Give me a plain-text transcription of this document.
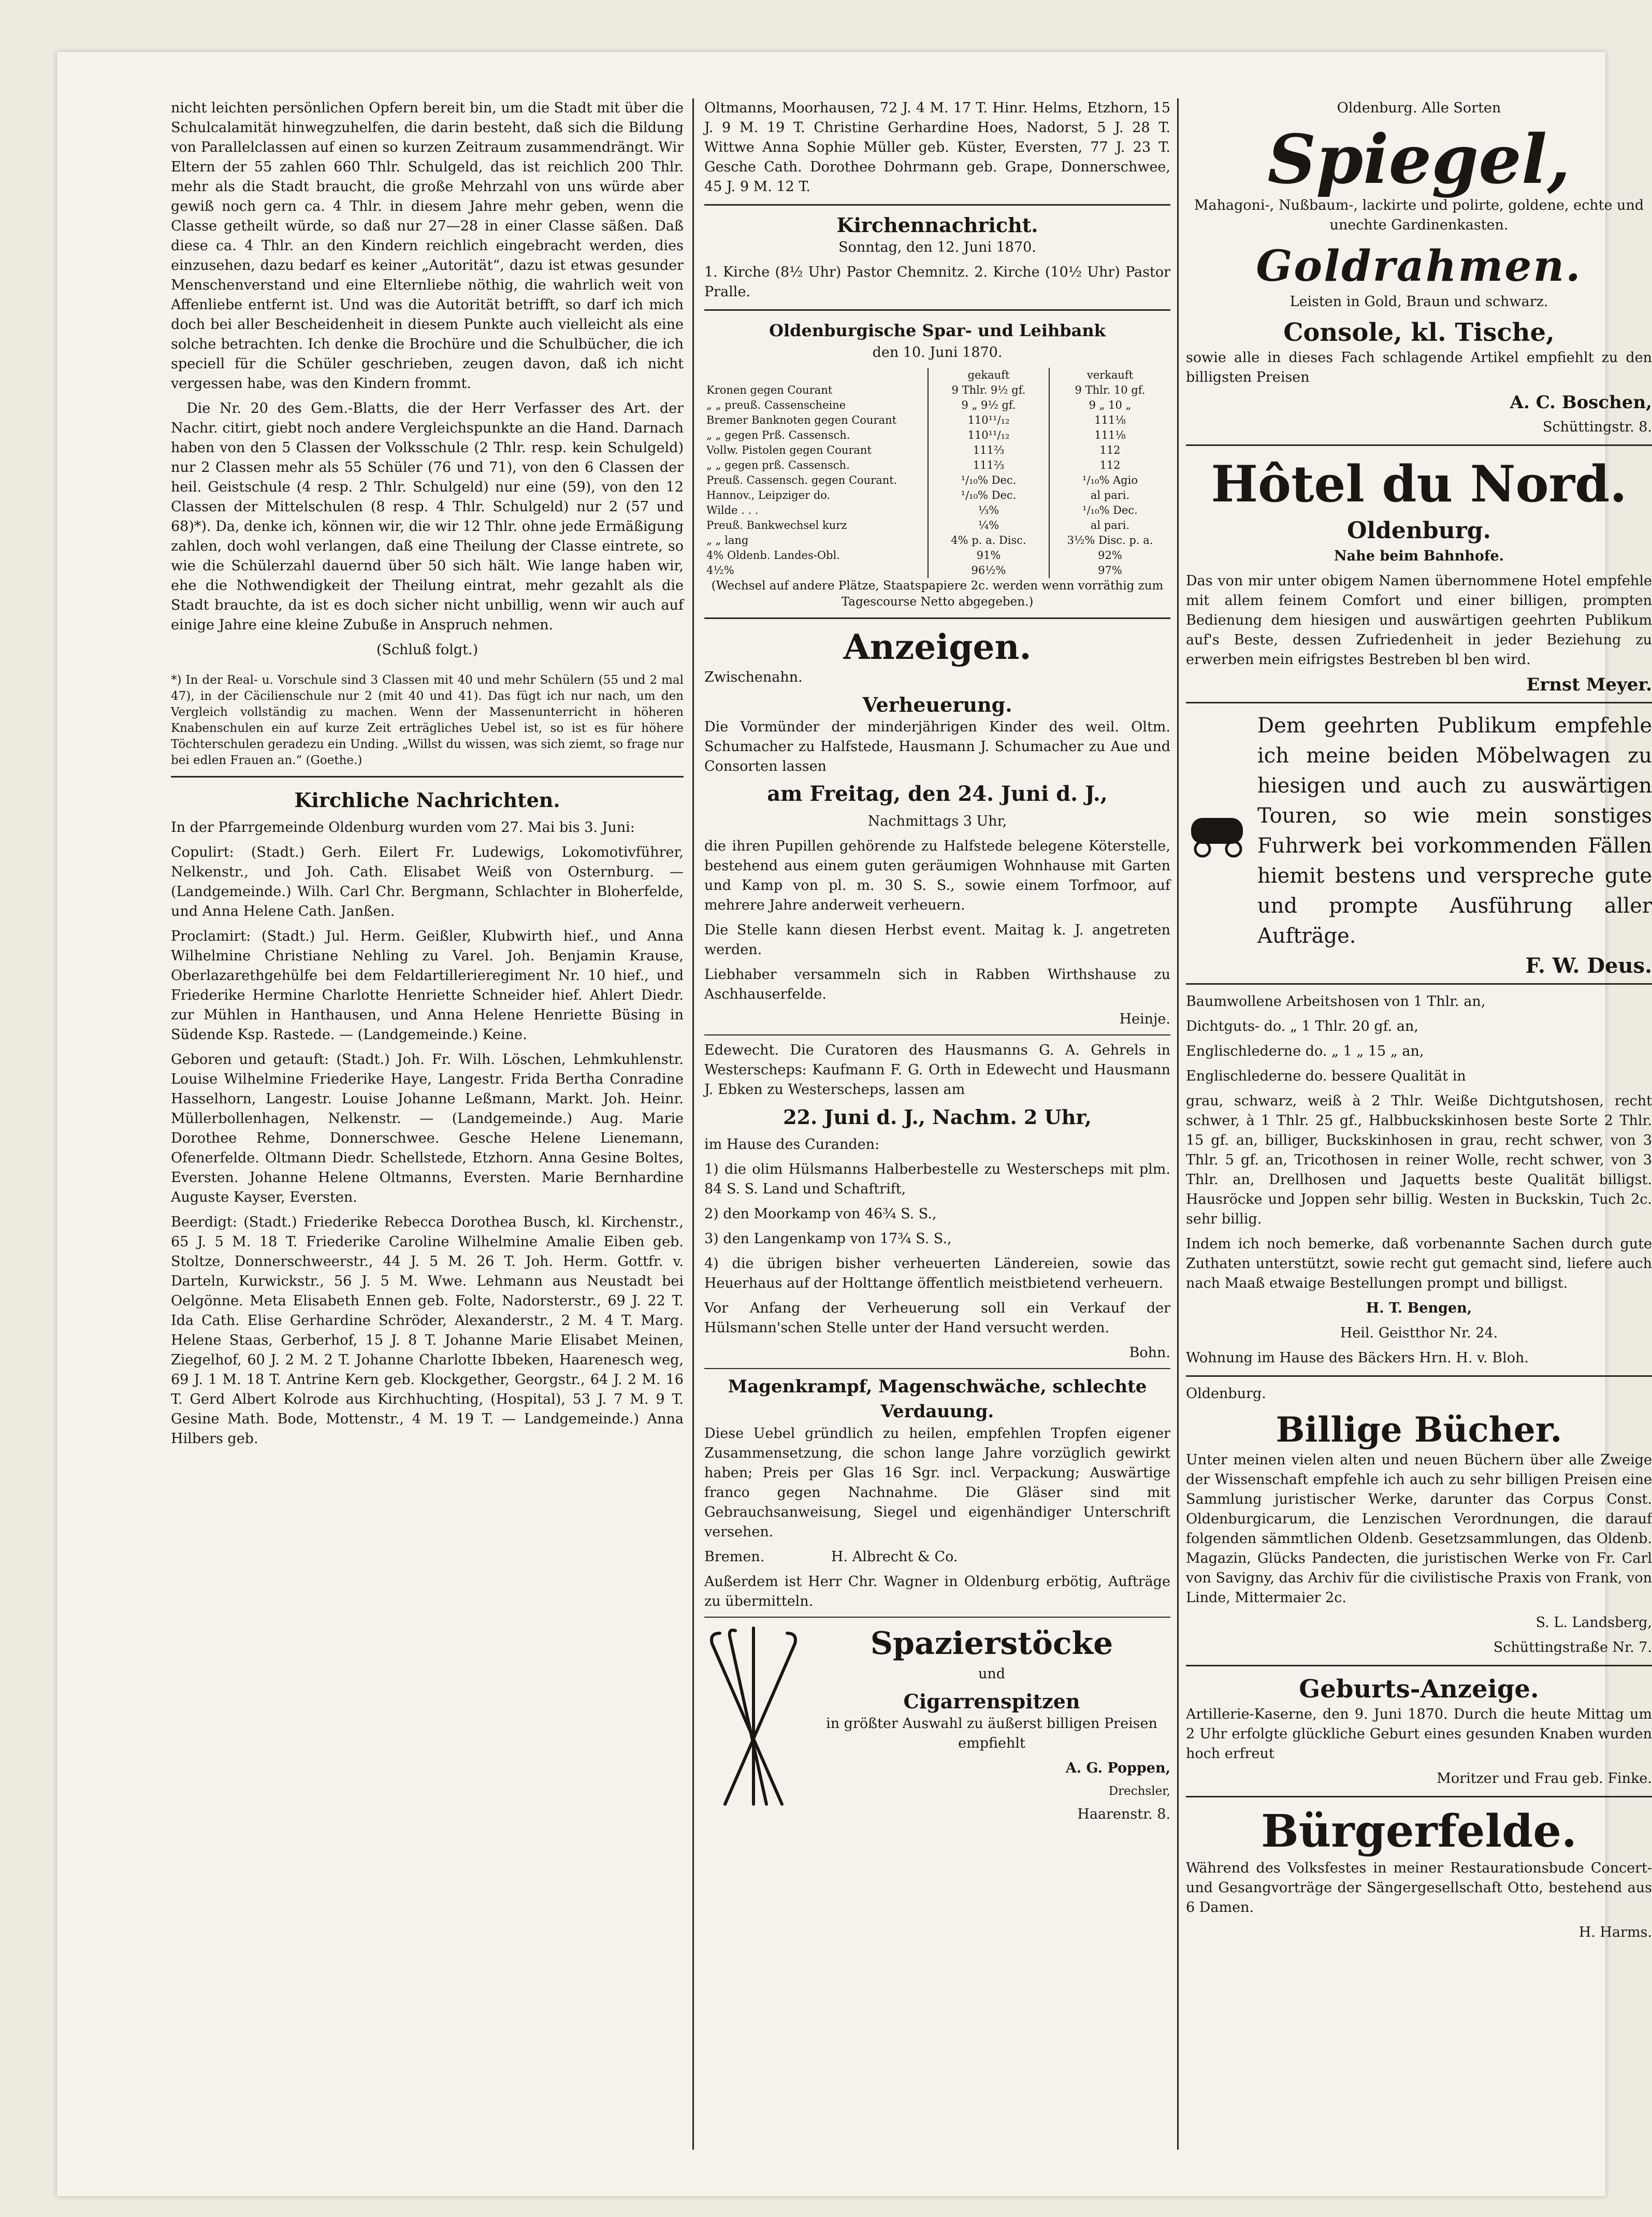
nicht leichten persönlichen Opfern bereit bin, um die Stadt mit über die Schulcalamität hinwegzuhelfen, die darin besteht, daß sich die Bildung von Parallelclassen auf einen so kurzen Zeitraum zusammendrängt. Wir Eltern der 55 zahlen 660 Thlr. Schulgeld, das ist reichlich 200 Thlr. mehr als die Stadt braucht, die große Mehrzahl von uns würde aber gewiß noch gern ca. 4 Thlr. in diesem Jahre mehr geben, wenn die Classe getheilt würde, so daß nur 27—28 in einer Classe säßen. Daß diese ca. 4 Thlr. an den Kindern reichlich eingebracht werden, dies einzusehen, dazu bedarf es keiner „Autorität“, dazu ist etwas gesunder Menschenverstand und eine Elternliebe nöthig, die wahrlich weit von Affenliebe entfernt ist. Und was die Autorität betrifft, so darf ich mich doch bei aller Bescheidenheit in diesem Punkte auch vielleicht als eine solche betrachten. Ich denke die Brochüre und die Schulbücher, die ich speciell für die Schüler geschrieben, zeugen davon, daß ich nicht vergessen habe, was den Kindern frommt.

Die Nr. 20 des Gem.-Blatts, die der Herr Verfasser des Art. der Nachr. citirt, giebt noch andere Vergleichspunkte an die Hand. Darnach haben von den 5 Classen der Volksschule (2 Thlr. resp. kein Schulgeld) nur 2 Classen mehr als 55 Schüler (76 und 71), von den 6 Classen der heil. Geistschule (4 resp. 2 Thlr. Schulgeld) nur eine (59), von den 12 Classen der Mittelschulen (8 resp. 4 Thlr. Schulgeld) nur 2 (57 und 68)*). Da, denke ich, können wir, die wir 12 Thlr. ohne jede Ermäßigung zahlen, doch wohl verlangen, daß eine Theilung der Classe eintrete, so wie die Schülerzahl dauernd über 50 sich hält. Wie lange haben wir, ehe die Nothwendigkeit der Theilung eintrat, mehr gezahlt als die Stadt brauchte, da ist es doch sicher nicht unbillig, wenn wir auch auf einige Jahre eine kleine Zubuße in Anspruch nehmen.

(Schluß folgt.)

*) In der Real- u. Vorschule sind 3 Classen mit 40 und mehr Schülern (55 und 2 mal 47), in der Cäcilienschule nur 2 (mit 40 und 41). Das fügt ich nur nach, um den Vergleich vollständig zu machen. Wenn der Massenunterricht in höheren Knabenschulen ein auf kurze Zeit erträgliches Uebel ist, so ist es für höhere Töchterschulen geradezu ein Unding. „Willst du wissen, was sich ziemt, so frage nur bei edlen Frauen an.“ (Goethe.)

Kirchliche Nachrichten.

In der Pfarrgemeinde Oldenburg wurden vom 27. Mai bis 3. Juni:

Copulirt: (Stadt.) Gerh. Eilert Fr. Ludewigs, Lokomotivführer, Nelkenstr., und Joh. Cath. Elisabet Weiß von Osternburg. — (Landgemeinde.) Wilh. Carl Chr. Bergmann, Schlachter in Bloherfelde, und Anna Helene Cath. Janßen.

Proclamirt: (Stadt.) Jul. Herm. Geißler, Klubwirth hief., und Anna Wilhelmine Christiane Nehling zu Varel. Joh. Benjamin Krause, Oberlazarethgehülfe bei dem Feldartillerieregiment Nr. 10 hief., und Friederike Hermine Charlotte Henriette Schneider hief. Ahlert Diedr. zur Mühlen in Hanthausen, und Anna Helene Henriette Büsing in Südende Ksp. Rastede. — (Landgemeinde.) Keine.

Geboren und getauft: (Stadt.) Joh. Fr. Wilh. Löschen, Lehmkuhlenstr. Louise Wilhelmine Friederike Haye, Langestr. Frida Bertha Conradine Hasselhorn, Langestr. Louise Johanne Leßmann, Markt. Joh. Heinr. Müllerbollenhagen, Nelkenstr. — (Landgemeinde.) Aug. Marie Dorothee Rehme, Donnerschwee. Gesche Helene Lienemann, Ofenerfelde. Oltmann Diedr. Schellstede, Etzhorn. Anna Gesine Boltes, Eversten. Johanne Helene Oltmanns, Eversten. Marie Bernhardine Auguste Kayser, Eversten.

Beerdigt: (Stadt.) Friederike Rebecca Dorothea Busch, kl. Kirchenstr., 65 J. 5 M. 18 T. Friederike Caroline Wilhelmine Amalie Eiben geb. Stoltze, Donnerschweerstr., 44 J. 5 M. 26 T. Joh. Herm. Gottfr. v. Darteln, Kurwickstr., 56 J. 5 M. Wwe. Lehmann aus Neustadt bei Oelgönne. Meta Elisabeth Ennen geb. Folte, Nadorsterstr., 69 J. 22 T. Ida Cath. Elise Gerhardine Schröder, Alexanderstr., 2 M. 4 T. Marg. Helene Staas, Gerberhof, 15 J. 8 T. Johanne Marie Elisabet Meinen, Ziegelhof, 60 J. 2 M. 2 T. Johanne Charlotte Ibbeken, Haarenesch weg, 69 J. 1 M. 18 T. Antrine Kern geb. Klockgether, Georgstr., 64 J. 2 M. 16 T. Gerd Albert Kolrode aus Kirchhuchting, (Hospital), 53 J. 7 M. 9 T. Gesine Math. Bode, Mottenstr., 4 M. 19 T. — Landgemeinde.) Anna Hilbers geb.

Oltmanns, Moorhausen, 72 J. 4 M. 17 T. Hinr. Helms, Etzhorn, 15 J. 9 M. 19 T. Christine Gerhardine Hoes, Nadorst, 5 J. 28 T. Wittwe Anna Sophie Müller geb. Küster, Eversten, 77 J. 23 T. Gesche Cath. Dorothee Dohrmann geb. Grape, Donnerschwee, 45 J. 9 M. 12 T.

Kirchennachricht.

Sonntag, den 12. Juni 1870.

1. Kirche (8½ Uhr) Pastor Chemnitz. 2. Kirche (10½ Uhr) Pastor Pralle.

Oldenburgische Spar- und Leihbank

den 10. Juni 1870.

	gekauft	verkauft
Kronen gegen Courant	9 Thlr. 9½ gf.	9 Thlr. 10 gf.
„ „ preuß. Cassenscheine	9 „ 9½ gf.	9 „ 10 „
Bremer Banknoten gegen Courant	110¹¹/₁₂	111⅛
„ „ gegen Prß. Cassensch.	110¹¹/₁₂	111⅛
Vollw. Pistolen gegen Courant	111⅔	112
„ „ gegen prß. Cassensch.	111⅔	112
Preuß. Cassensch. gegen Courant.	¹/₁₀% Dec.	¹/₁₀% Agio
Hannov., Leipziger do.	¹/₁₀% Dec.	al pari.
Wilde . . .	⅓%	¹/₁₀% Dec.
Preuß. Bankwechsel kurz	¼%	al pari.
„ „ lang	4% p. a. Disc.	3½% Disc. p. a.
4% Oldenb. Landes-Obl.	91%	92%
4½%	96½%	97%

(Wechsel auf andere Plätze, Staatspapiere 2c. werden wenn vorräthig zum Tagescourse Netto abgegeben.)

Anzeigen.

Zwischenahn.

Verheuerung.

Die Vormünder der minderjährigen Kinder des weil. Oltm. Schumacher zu Halfstede, Hausmann J. Schumacher zu Aue und Consorten lassen

am Freitag, den 24. Juni d. J.,

Nachmittags 3 Uhr,

die ihren Pupillen gehörende zu Halfstede belegene Köterstelle, bestehend aus einem guten geräumigen Wohnhause mit Garten und Kamp von pl. m. 30 S. S., sowie einem Torfmoor, auf mehrere Jahre anderweit verheuern.

Die Stelle kann diesen Herbst event. Maitag k. J. angetreten werden.

Liebhaber versammeln sich in Rabben Wirthshause zu Aschhauserfelde.

Heinje.

Edewecht. Die Curatoren des Hausmanns G. A. Gehrels in Westerscheps: Kaufmann F. G. Orth in Edewecht und Hausmann J. Ebken zu Westerscheps, lassen am

22. Juni d. J., Nachm. 2 Uhr,

im Hause des Curanden:

1) die olim Hülsmanns Halberbestelle zu Westerscheps mit plm. 84 S. S. Land und Schaftrift,

2) den Moorkamp von 46¾ S. S.,

3) den Langenkamp von 17¾ S. S.,

4) die übrigen bisher verheuerten Ländereien, sowie das Heuerhaus auf der Holttange öffentlich meistbietend verheuern.

Vor Anfang der Verheuerung soll ein Verkauf der Hülsmann'schen Stelle unter der Hand versucht werden.

Bohn.

Magenkrampf, Magenschwäche, schlechte Verdauung.

Diese Uebel gründlich zu heilen, empfehlen Tropfen eigener Zusammensetzung, die schon lange Jahre vorzüglich gewirkt haben; Preis per Glas 16 Sgr. incl. Verpackung; Auswärtige franco gegen Nachnahme. Die Gläser sind mit Gebrauchsanweisung, Siegel und eigenhändiger Unterschrift versehen.

Bremen.	H. Albrecht & Co.

Außerdem ist Herr Chr. Wagner in Oldenburg erbötig, Aufträge zu übermitteln.

Spazierstöcke

und

Cigarrenspitzen

in größter Auswahl zu äußerst billigen Preisen empfiehlt

A. G. Poppen,

Drechsler,

Haarenstr. 8.

Oldenburg. Alle Sorten

Spiegel,

Mahagoni-, Nußbaum-, lackirte und polirte, goldene, echte und unechte Gardinenkasten.

Goldrahmen.

Leisten in Gold, Braun und schwarz.

Console, kl. Tische,

sowie alle in dieses Fach schlagende Artikel empfiehlt zu den billigsten Preisen

A. C. Boschen,

Schüttingstr. 8.

Hôtel du Nord.
Oldenburg.

Nahe beim Bahnhofe.

Das von mir unter obigem Namen übernommene Hotel empfehle mit allem feinem Comfort und einer billigen, prompten Bedienung dem hiesigen und auswärtigen geehrten Publikum auf's Beste, dessen Zufriedenheit in jeder Beziehung zu erwerben mein eifrigstes Bestreben bl ben wird.

Ernst Meyer.

Dem geehrten Publikum empfehle ich meine beiden Möbelwagen zu hiesigen und auch zu auswärtigen Touren, so wie mein sonstiges Fuhrwerk bei vorkommenden Fällen hiemit bestens und verspreche gute und prompte Ausführung aller Aufträge.

F. W. Deus.

Baumwollene Arbeitshosen von 1 Thlr. an,

Dichtguts- do. „ 1 Thlr. 20 gf. an,

Englischlederne do. „ 1 „ 15 „ an,

Englischlederne do. bessere Qualität in

grau, schwarz, weiß à 2 Thlr. Weiße Dichtgutshosen, recht schwer, à 1 Thlr. 25 gf., Halbbuckskinhosen beste Sorte 2 Thlr. 15 gf. an, billiger, Buckskinhosen in grau, recht schwer, von 3 Thlr. 5 gf. an, Tricothosen in reiner Wolle, recht schwer, von 3 Thlr. an, Drellhosen und Jaquetts beste Qualität billigst. Hausröcke und Joppen sehr billig. Westen in Buckskin, Tuch 2c. sehr billig.

Indem ich noch bemerke, daß vorbenannte Sachen durch gute Zuthaten unterstützt, sowie recht gut gemacht sind, liefere auch nach Maaß etwaige Bestellungen prompt und billigst.

H. T. Bengen,

Heil. Geistthor Nr. 24.

Wohnung im Hause des Bäckers Hrn. H. v. Bloh.

Oldenburg.

Billige Bücher.

Unter meinen vielen alten und neuen Büchern über alle Zweige der Wissenschaft empfehle ich auch zu sehr billigen Preisen eine Sammlung juristischer Werke, darunter das Corpus Const. Oldenburgicarum, die Lenzischen Verordnungen, die darauf folgenden sämmtlichen Oldenb. Gesetzsammlungen, das Oldenb. Magazin, Glücks Pandecten, die juristischen Werke von Fr. Carl von Savigny, das Archiv für die civilistische Praxis von Frank, von Linde, Mittermaier 2c.

S. L. Landsberg,

Schüttingstraße Nr. 7.

Geburts-Anzeige.

Artillerie-Kaserne, den 9. Juni 1870. Durch die heute Mittag um 2 Uhr erfolgte glückliche Geburt eines gesunden Knaben wurden hoch erfreut

Moritzer und Frau geb. Finke.

Bürgerfelde.

Während des Volksfestes in meiner Restaurationsbude Concert- und Gesangvorträge der Sängergesellschaft Otto, bestehend aus 6 Damen.

H. Harms.
